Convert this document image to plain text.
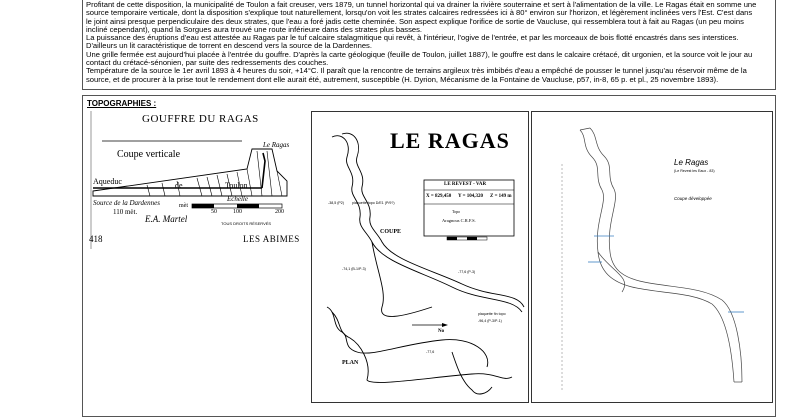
Profitant de cette disposition, la municipalité de Toulon a fait creuser, vers 1879, un tunnel horizontal qui va drainer la rivière souterraine et sert à l'alimentation de la ville. Le Ragas était en somme une

source temporaire verticale, dont la disposition s'explique tout naturellement, lorsqu'on voit les strates calcaires redressées ici à 80° environ sur l'horizon, et légèrement inclinées vers l'Est. C'est dans

le joint ainsi presque perpendiculaire des deux strates, que l'eau a foré jadis cette cheminée. Son aspect explique l'orifice de sortie de Vaucluse, qui ressemblera tout à fait au Ragas (un peu moins

incliné cependant), quand la Sorgues aura trouvé une route inférieure dans des strates plus basses.

La puissance des éruptions d'eau est attestée au Ragas par le tuf calcaire stalagmitique qui revêt, à l'intérieur, l'ogive de l'entrée, et par les morceaux de bois flotté encastrés dans ses interstices.

D'ailleurs un lit caractéristique de torrent en descend vers la source de la Dardennes.

Une grille fermée est aujourd'hui placée à l'entrée du gouffre. D'après la carte géologique (feuille de Toulon, juillet 1887), le gouffre est dans le calcaire crétacé, dit urgonien, et la source voit le jour au

contact du crétacé-sénonien, par suite des redressements des couches.

Température de la source le 1er avril 1893 à 4 heures du soir, +14°C. Il paraît que la rencontre de terrains argileux très imbibés d'eau a empêché de pousser le tunnel jusqu'au réservoir même de la

source, et de procurer à la prise tout le rendement dont elle aurait été, autrement, susceptible (H. Dyrion, Mécanisme de la Fontaine de Vaucluse, p57, in-8, 65 p. et pl., 25 novembre 1893).

TOPOGRAPHIES :
GOUFFRE DU RAGAS
Coupe verticale
Le Ragas
Aqueduc	de	Toulon
Source de la Dardennes
110 mèt.
Echelle
mèt
50	100	200
E.A. Martel	TOUS DROITS RÉSERVÉS
418	LES ABIMES
LE RAGAS
LE REVEST - VAR
X = 829,450 Y = 104,320 Z = 149 m
Topo
Aragnous C.R.F.S.
COUPE
PLAN
No
-38,5 (P2) plaquette topo D/E1 (P/9?)
-74,1 (B-1/P-3)
-77,6 (P-3)
plaquette fin topo
-96,4 (P-3/P-1)
-77,6
Le Ragas
(Le Revest les Eaux - 83)
Coupe développée
